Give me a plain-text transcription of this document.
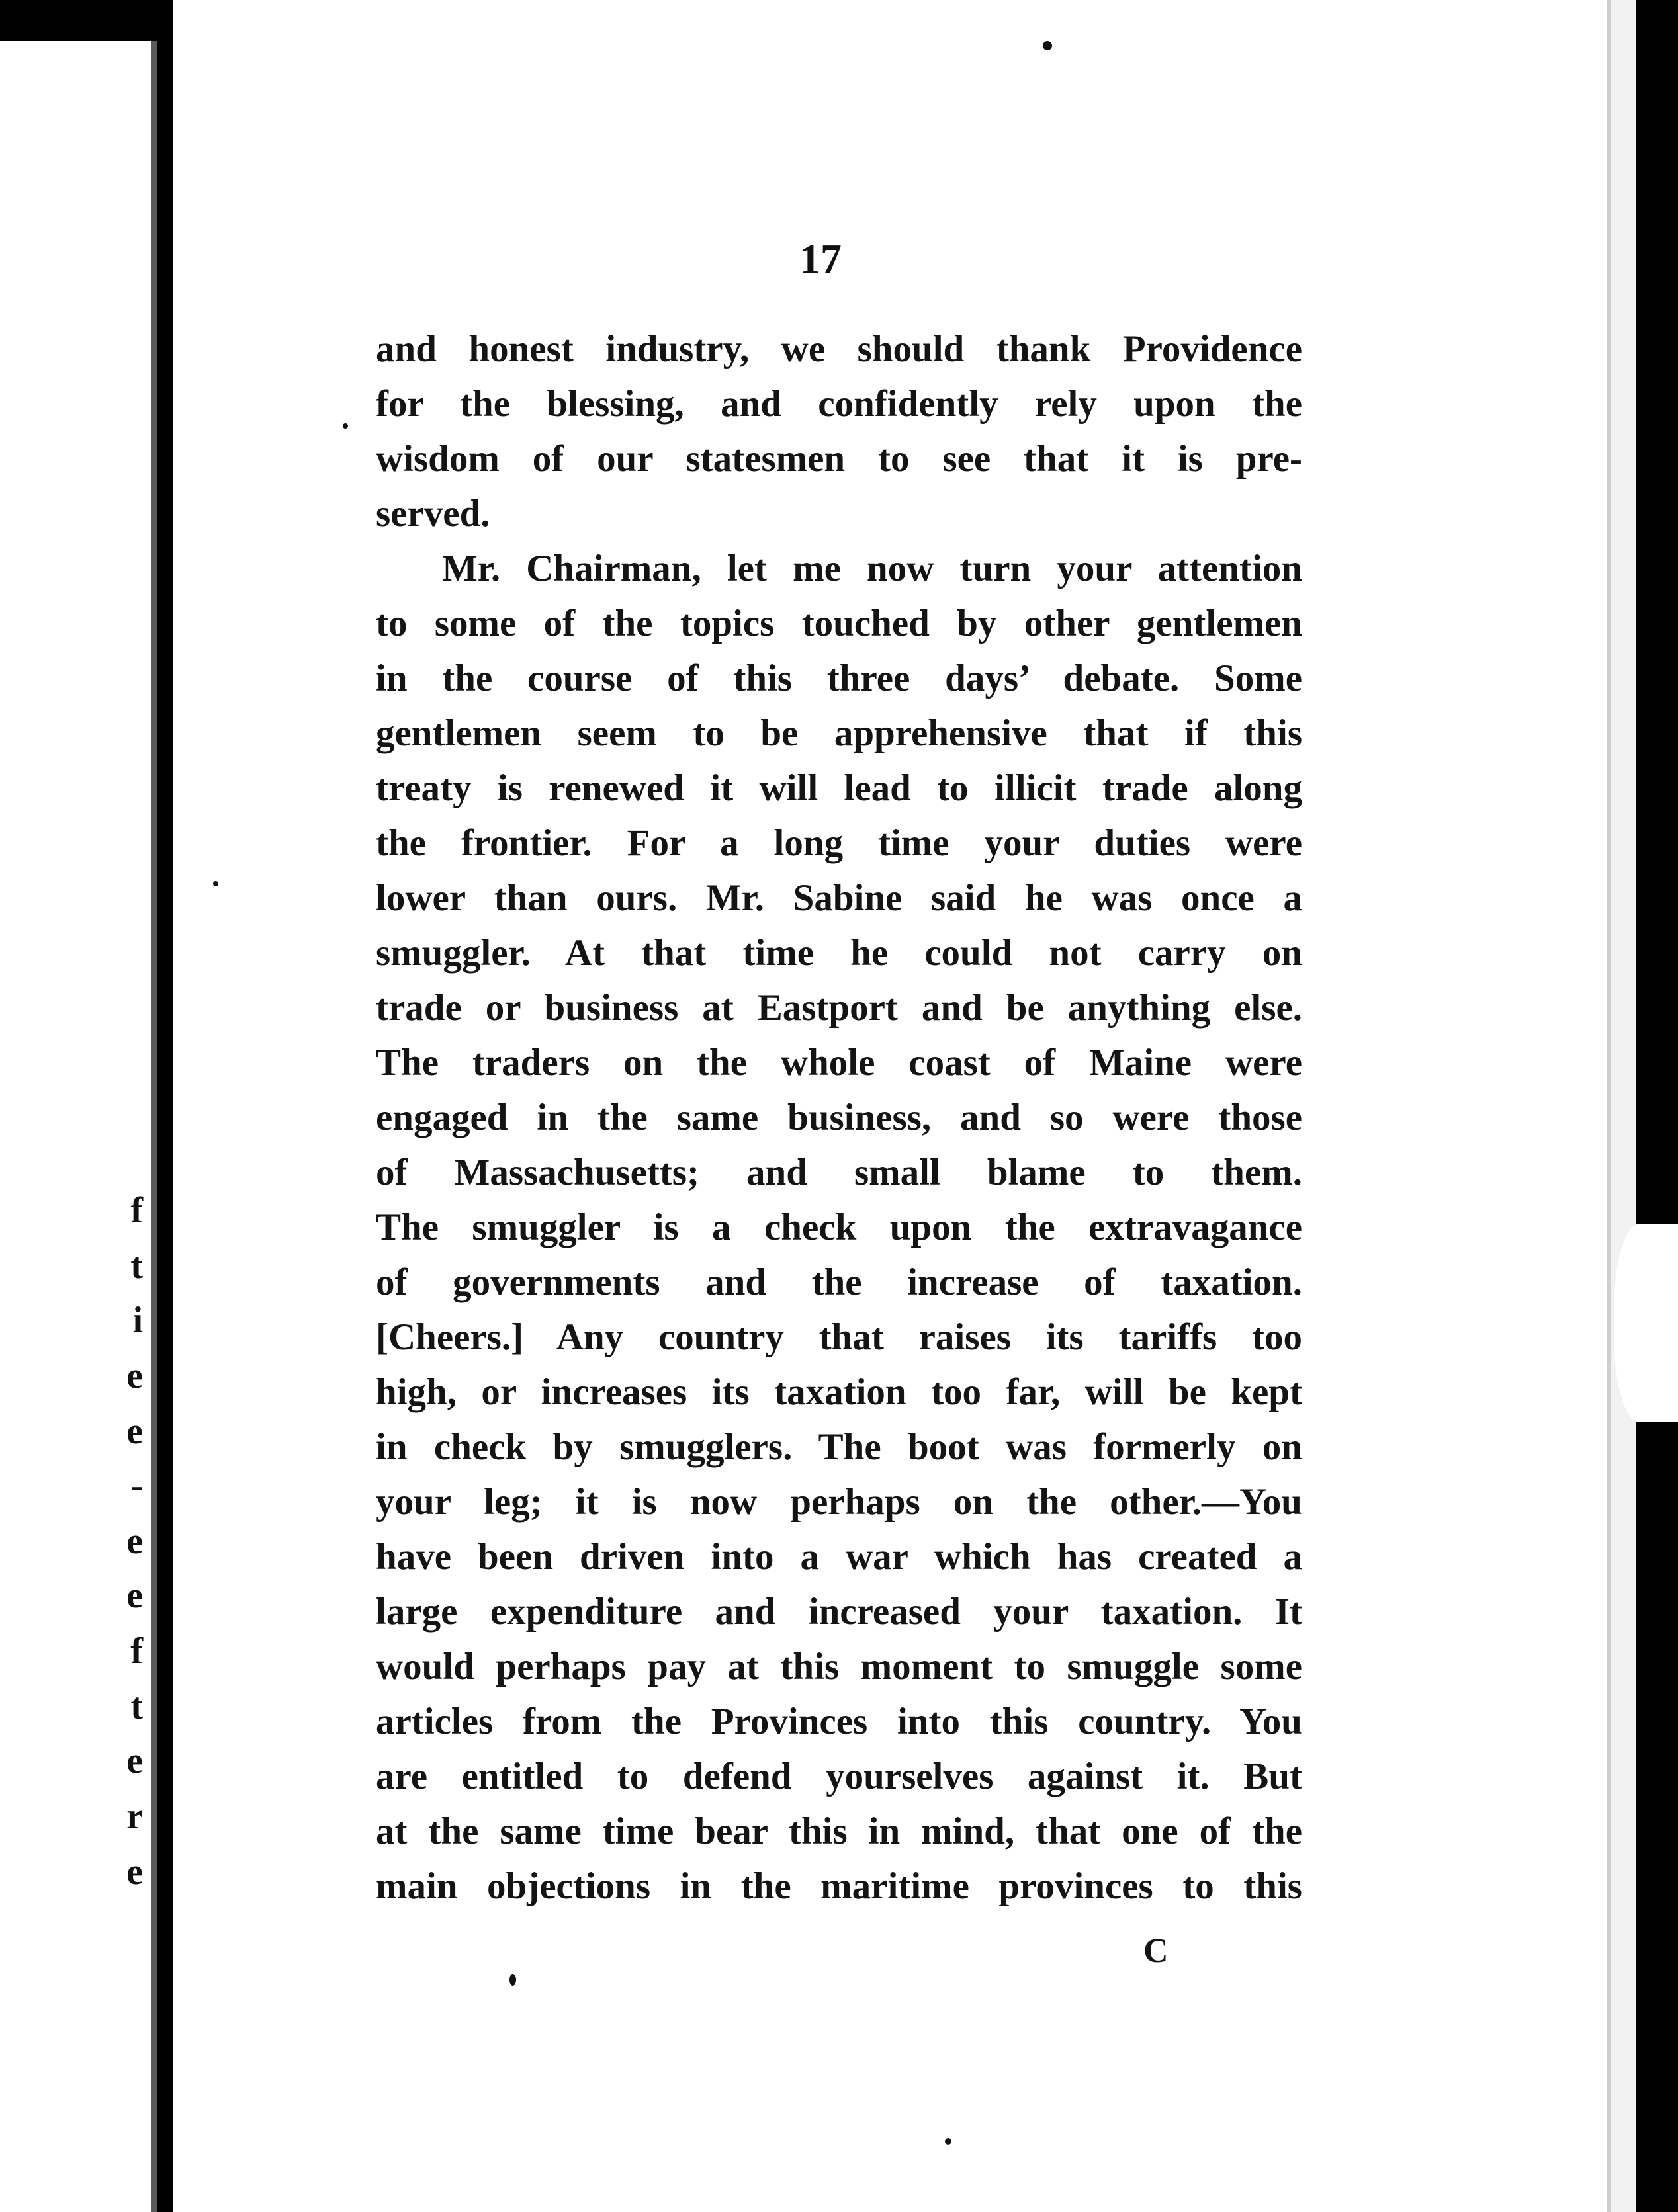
f
t
i
e
e
-
e
e
f
t
e
r
e
17
and honest industry, we should thank Providence
for the blessing, and confidently rely upon the
wisdom of our statesmen to see that it is pre-
served.
Mr. Chairman, let me now turn your attention
to some of the topics touched by other gentlemen
in the course of this three days’ debate. Some
gentlemen seem to be apprehensive that if this
treaty is renewed it will lead to illicit trade along
the frontier. For a long time your duties were
lower than ours. Mr. Sabine said he was once a
smuggler. At that time he could not carry on
trade or business at Eastport and be anything else.
The traders on the whole coast of Maine were
engaged in the same business, and so were those
of Massachusetts; and small blame to them.
The smuggler is a check upon the extravagance
of governments and the increase of taxation.
[Cheers.] Any country that raises its tariffs too
high, or increases its taxation too far, will be kept
in check by smugglers. The boot was formerly on
your leg; it is now perhaps on the other.—You
have been driven into a war which has created a
large expenditure and increased your taxation. It
would perhaps pay at this moment to smuggle some
articles from the Provinces into this country. You
are entitled to defend yourselves against it. But
at the same time bear this in mind, that one of the
main objections in the maritime provinces to this
C
